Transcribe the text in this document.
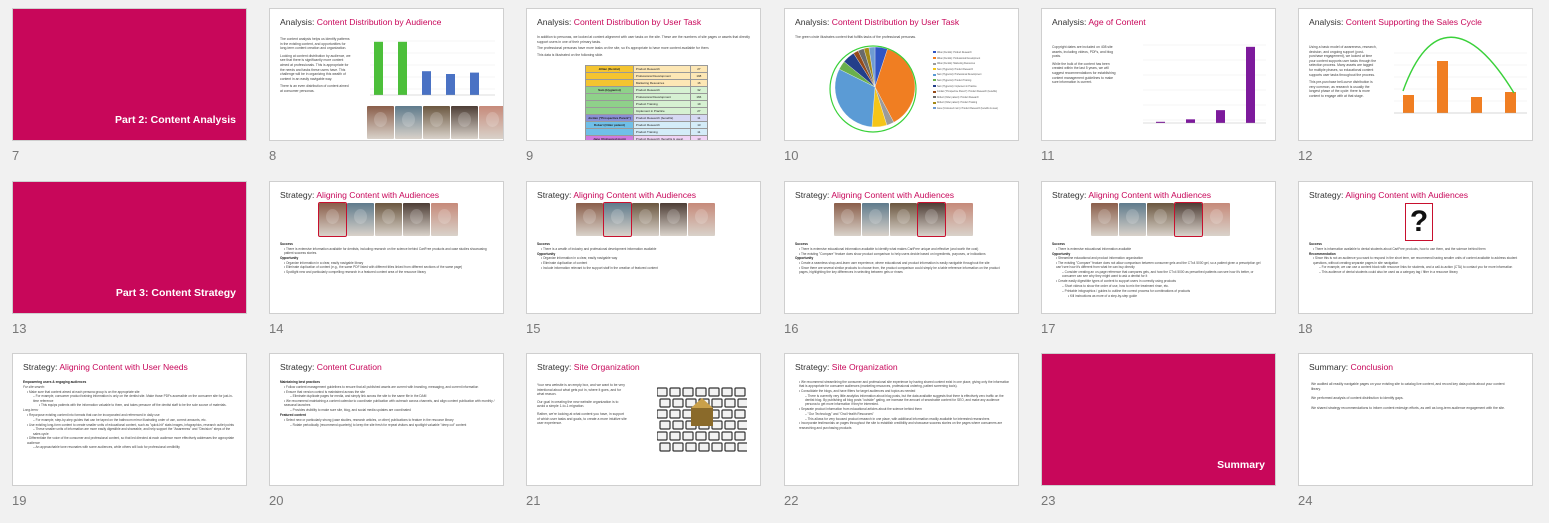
Part 2: Content Analysis
7
Analysis: Content Distribution by Audience
The content analysis helps us identify patterns in the existing content, and opportunities for long-term content creation and organization.
Looking at content distribution by audience, we see that there is significantly more content aimed at professionals. This is appropriate for the needs and tasks these users have. This challenge will be in organizing this wealth of content in an easily navigable way.
There is an even distribution of content aimed at consumer personas.
8
Analysis: Content Distribution by User Task
In addition to personas, we looked at content alignment with user tasks on the site. These are the numbers of site pages or assets that directly support users in one of their primary tasks.
The professional personas have more tasks on the site, so it's appropriate to have more content available for them.
This data is illustrated on the following slide.
Jillian (Dentist)	Product Research	27
	Professional Development	198
	Marketing Resources	16
Sam (Hygienist)	Product Research	32
	Professional Development	166
	Product Training	19
	Implement in Practice	27
Jordan ("Prospective Parent")	Product Research (benefits)	11
Robert (Older patient)	Product Research	13
	Product Training	11
Jane (Uninsured mom)	Product Research (benefits & uses)	13
9
Analysis: Content Distribution by User Task
The green circle illustrates content that fulfills tasks of the professional personas.
Jillian (Dentist): Product Research
Jillian (Dentist): Professional Development
Jillian (Dentist): Marketing Resources
Sam (Hygienist): Product Research
Sam (Hygienist): Professional Development
Sam (Hygienist): Product Training
Sam (Hygienist): Implement in Practice
Jordan ("Prospective Parent"): Product Research (benefits)
Robert (Older patient): Product Research
Robert (Older patient): Product Training
Jane (Uninsured mom): Product Research (benefits & uses)
10
Analysis: Age of Content
Copyright dates are included on 408 site assets, including videos, PDFs, and blog posts.
While the bulk of the content has been created within the last 5 years, we will suggest recommendations for establishing content management guidelines to make sure information is current.
11
Analysis: Content Supporting the Sales Cycle
Using a basic model of awareness, research, decision, and ongoing support (post-purchase engagement), we looked at time your content supports user tasks through the selection process. Many assets are tagged for multiple phases, so educational content supports user tasks throughout the process.
This pre-purchase bell-curve distribution is very common, as research is usually the longest phase of the cycle: there is more content to engage with at that stage.
12
Part 3: Content Strategy
13
Strategy: Aligning Content with Audiences
Success
• There is extensive information available for dentists, including research on the science behind CariFree products and case studies showcasing patient success stories.
Opportunity
• Organize information in a clear, easily navigable library
• Eliminate duplication of content (e.g., the same PDF listed with different titles linked from different sections of the same page)
• Spotlight new and particularly compelling research in a featured content area of the resource library
14
Strategy: Aligning Content with Audiences
Success
• There is a wealth of industry and professional development information available
Opportunity
• Organize information in a clear, easily navigable way
• Eliminate duplication of content
• Include information relevant to the support staff in the creation of featured content
15
Strategy: Aligning Content with Audiences
Success
• There is extensive educational information available to identify what makes CariFree unique and effective (and worth the cost)
• The existing "Compare" feature does show product comparison to help users decide based on ingredients, purposes, or indications
Opportunity
• Create a seamless shop-and-learn user experience, where educational and product information is easily navigable throughout the site
• Since there are several similar products to choose from, the product comparison could simply be a table reference information on the product pages, highlighting the key differences in selecting between gels or rinses
16
Strategy: Aligning Content with Audiences
Success
• There is extensive educational information available
Opportunity
• Streamline educational and product information organization
• The existing "Compare" feature does not allow comparison between consumer gels and the CTx4 5000 gel, so a patient given a prescription gel can't see how it's different from what he can buy directly
– Consider creating an on-page reference that compares gels, and how the CTx4 5000 as prescribed patients can see how it's better, or consumer can see why they might want to ask a dentist for it
• Create easily digestible types of content to support users in correctly using products
– Short videos to show the order of use, how to mix the treatment rinse, etc.
– Printable infographics / guides to outline the correct process for combinations of products
▪ Kill instructions as more of a step-by-step guide
17
Strategy: Aligning Content with Audiences
?
Success
• There is information available to dental students about CariFree products, how to use them, and the science behind them
Recommendation
• Since this is not an audience you want to respond in the short term, we recommend having smaller units of content available to address student questions, without creating separate pages in site navigation
– For example, we can use a content block with resource links for students, and a call-to-action (CTA) to contact you for more information
– This audience of dental students could also be used as a category tag / filter in a resource library
18
Strategy: Aligning Content with User Needs
Empowering users & engaging audiences
For site search:
• Make sure that content aimed at each persona group is on the appropriate site
– For example, consumer product training information is only on the dentist site. Make those PDFs accessible on the consumer site for just-in-time reference
▪ This equips patients with the information valuable to them, and takes pressure off the dentist staff to be the sole source of materials.
Long-term:
• Repurpose existing content into formats that can be incorporated and referenced in daily use
– For example, step-by-step guides that can be taped on the bathroom mirror illustrating order of use, correct amounts, etc.
• Use existing long-form content to create smaller units of educational content, such as "quick-hit" stats images, infographics, research outlet points
– These smaller units of information are more easily digestible and shareable, and help support the "Awareness" and "Decision" steps of the sales cycle
• Differentiate the voice of the consumer and professional content, so that led directed at each audience more effectively addresses the appropriate audience
– An approachable tone resonates with some audiences, while others will look for professional credibility
19
Strategy: Content Curation
Maintaining best practices
• Follow content management guidelines to ensure that all published assets are current with branding, messaging, and current information
• Ensure that version control is maintained across the site
– Eliminate duplicate pages for media, and simply link across the site to the same file in the DAM
• We recommend maintaining a content calendar to coordinate publication with outreach across channels, and align content publication with monthly / seasonal launches
– Provides visibility to make sure site, blog, and social media updates are coordinated
Featured content
• Select new or particularly strong (case studies, research articles, or other) publications to feature in the resource library
– Rotate periodically (recommend quarterly) to keep the site fresh for repeat visitors and spotlight valuable "deep cut" content
20
Strategy: Site Organization
Your new website is an empty box, and we want to be very intentional about what gets put in, where it goes, and for what reason.
Our goal in creating the new website organization is to avoid a simple 1-to-1 migration.
Rather, we're looking at what content you have, in support of which user tasks and goals, to create a more intuitive site user experience.
21
Strategy: Site Organization
• We recommend streamlining the consumer and professional site experience by having shared content exist in one place, giving only the information that is appropriate for consumer audiences (marketing resources, professional ordering, patient screening tools).
• Consolidate the blogs, and have filters for target audiences and topics as needed
– There is currently very little analytics information about blog posts, but the data available suggests that there is effectively zero traffic on the dentist blog. By publishing all blog posts "outside" gating, we increase the amount of searchable content for SEO, and make any audience persona to get more information if they're interested.
• Separate product information from educational articles about the science behind them
– "Our Technology" and "Oral Health Resources"
– This allows for very focused product research in one place, with additional information readily available for interested researchers
• Incorporate testimonials on pages throughout the site to establish credibility and showcase success stories on the pages where consumers are researching and purchasing products
22
Summary
23
Summary: Conclusion
We audited all readily navigable pages on your existing site to catalog live content, and record key data points about your content library.
We performed analysis of content distribution to identify gaps.
We shared strategy recommendations to inform content redesign efforts, as well as long-term audience engagement with the site.
24
